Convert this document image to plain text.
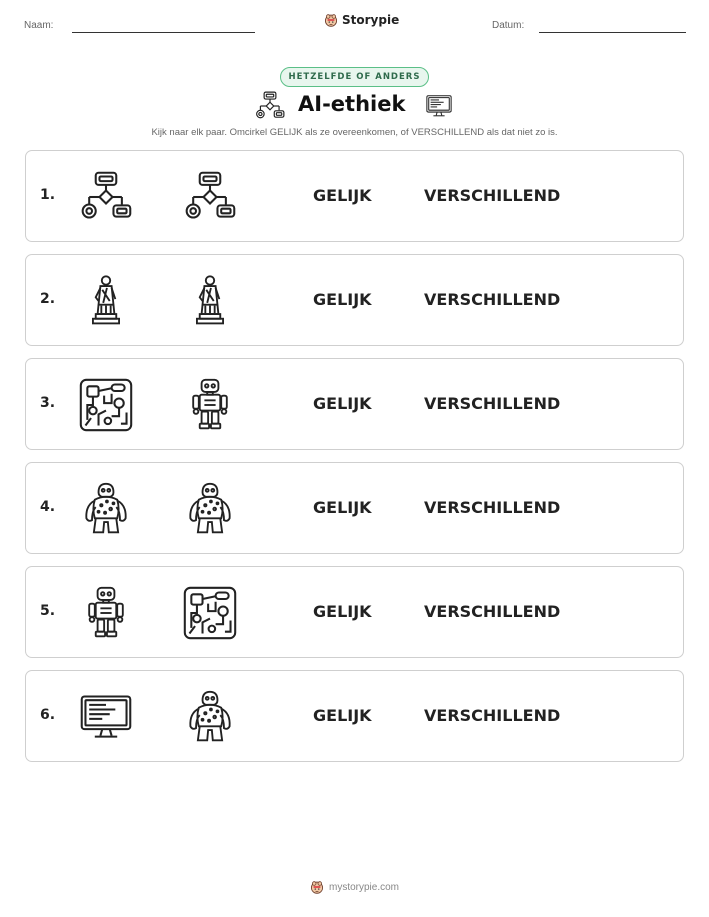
Naam:	Storypie	Datum:
HETZELFDE OF ANDERS
AI-ethiek
Kijk naar elk paar. Omcirkel GELIJK als ze overeenkomen, of VERSCHILLEND als dat niet zo is.
1.	GELIJK	VERSCHILLEND
2.	GELIJK	VERSCHILLEND
3.	GELIJK	VERSCHILLEND
4.	GELIJK	VERSCHILLEND
5.	GELIJK	VERSCHILLEND
6.	GELIJK	VERSCHILLEND
mystorypie.com
